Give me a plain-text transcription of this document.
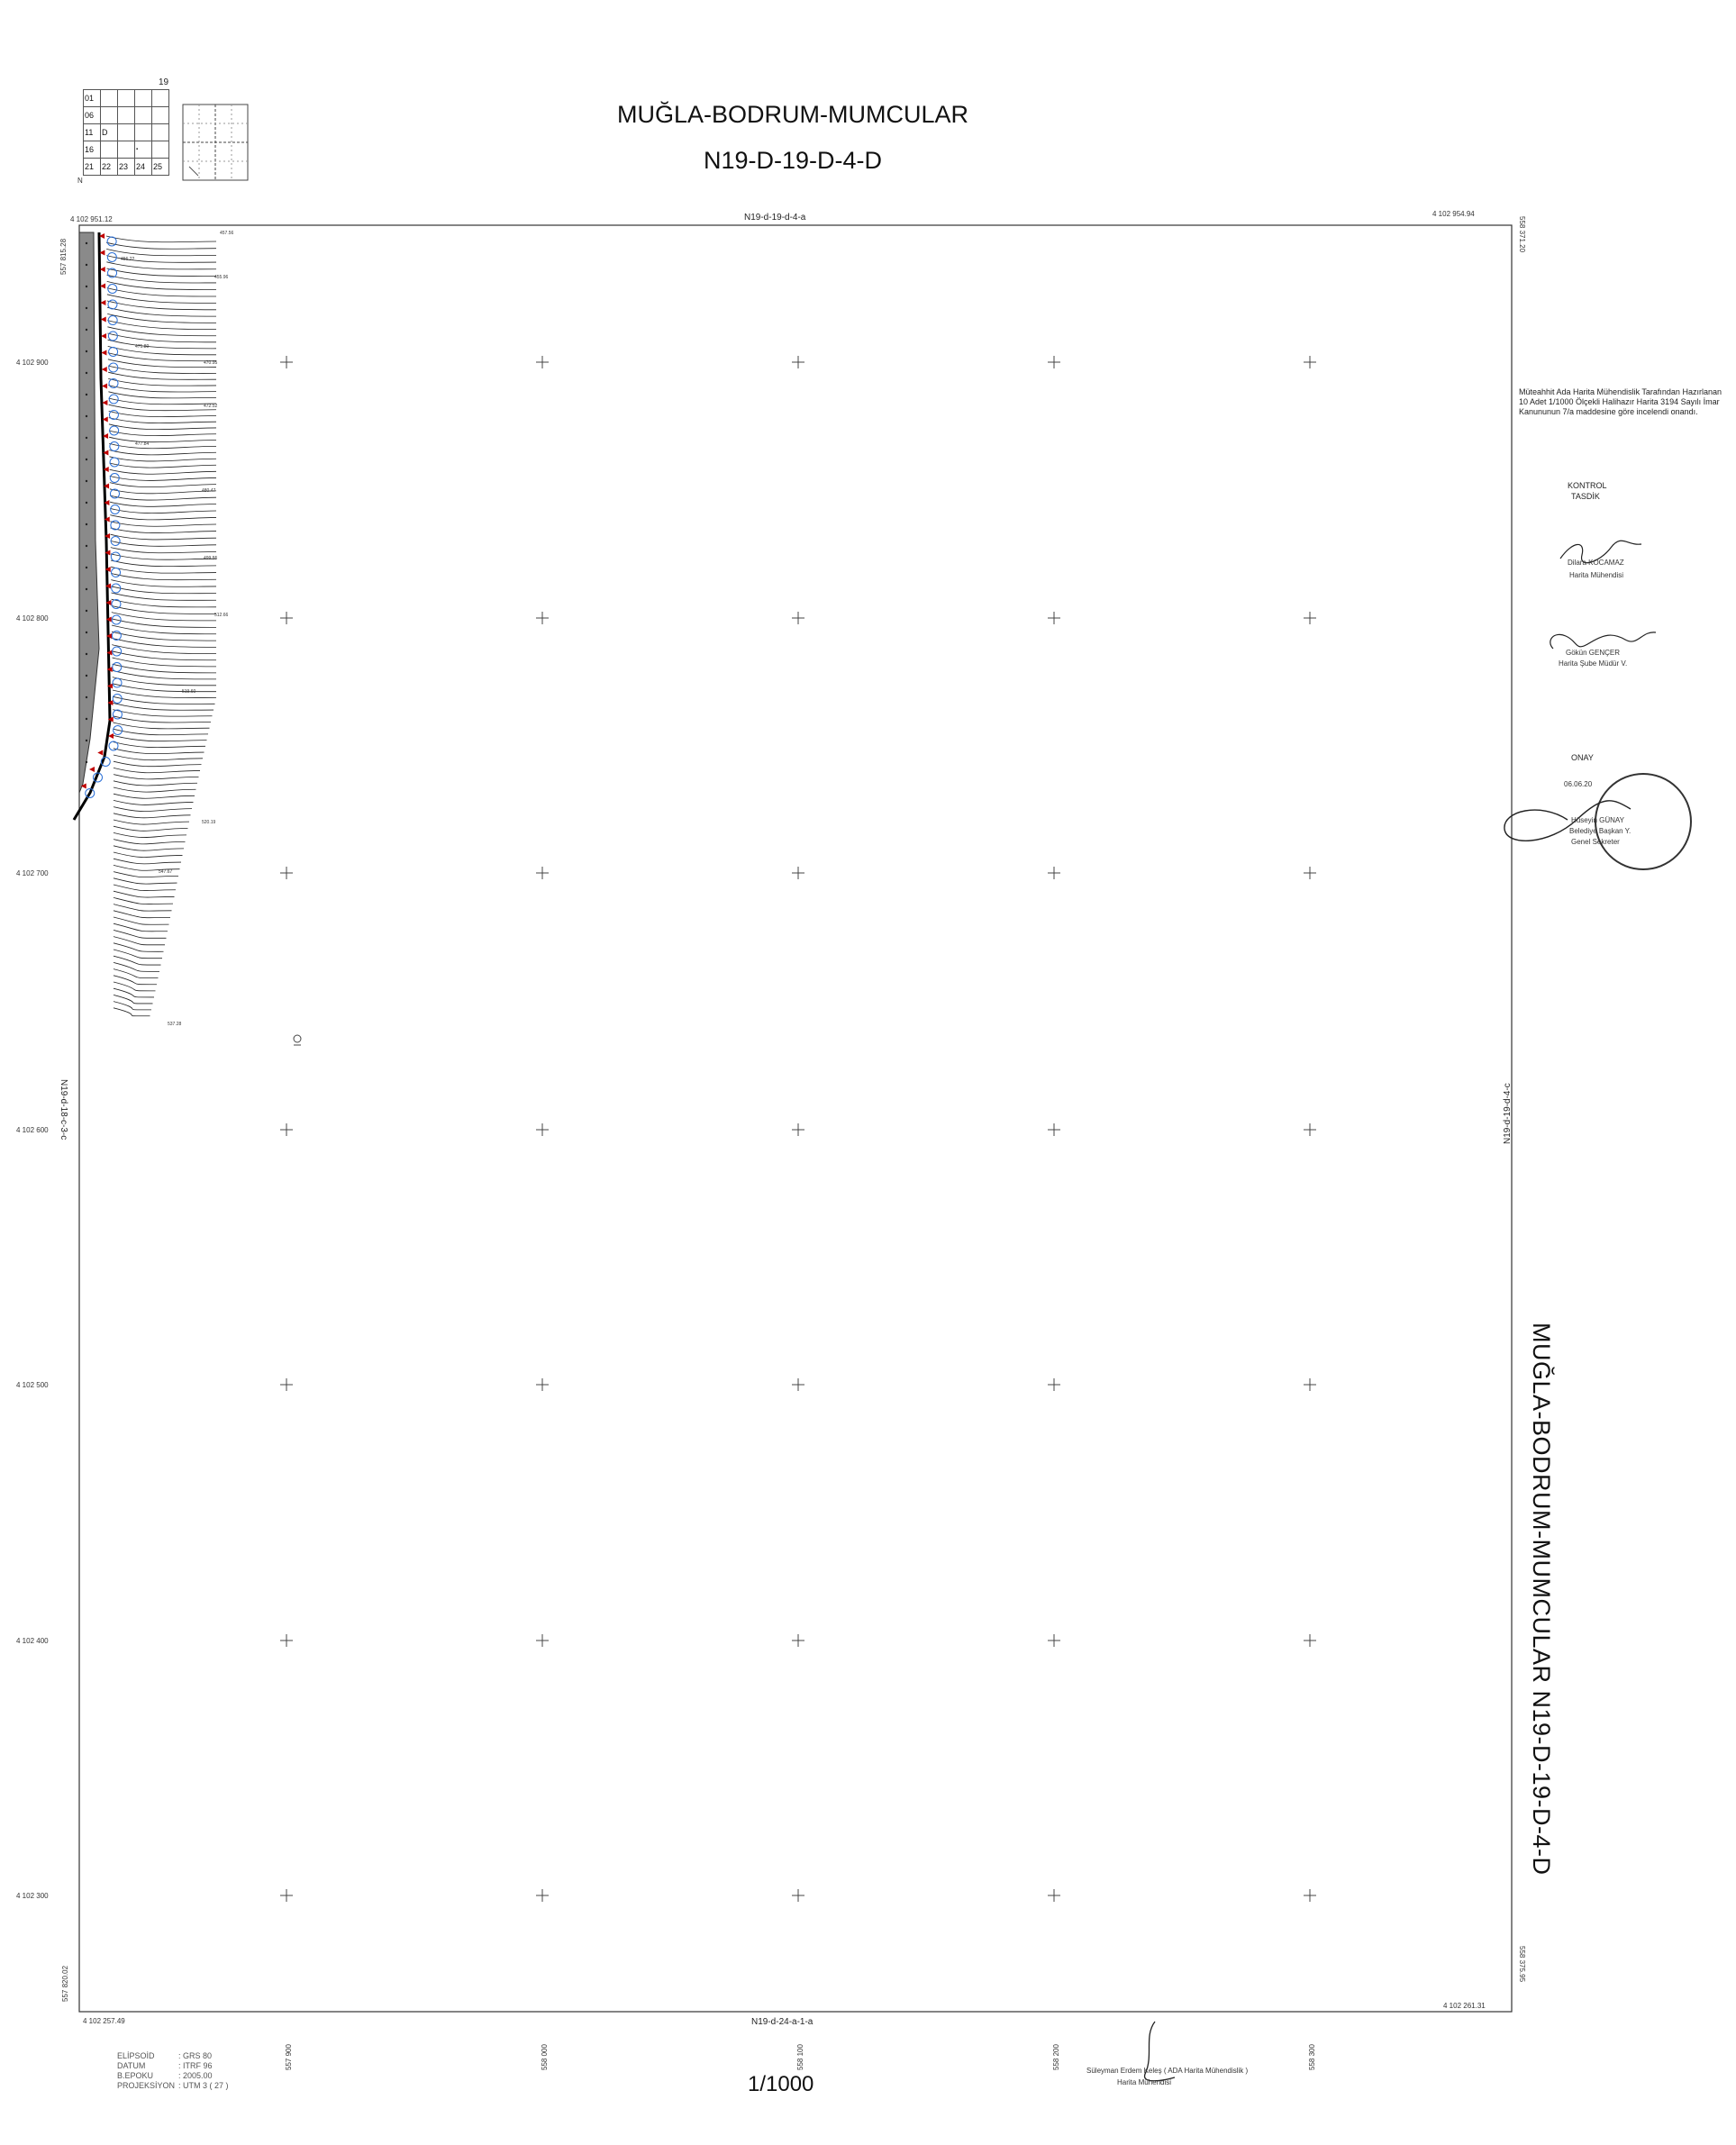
MUĞLA-BODRUM-MUMCULAR
N19-D-19-D-4-D
19
01				
06				
11	D			
16			▪	
21	22	23	24	25
N
4 102 951.12
4 102 954.94
4 102 257.49
4 102 261.31
557 815.28
558 371.20
557 820.02
558 375.95
N19-d-19-d-4-a
N19-d-24-a-1-a
N19-d-18-c-3-c	N19-d-19-d-4-c
4 102 900
4 102 800
4 102 700
4 102 600
4 102 500
4 102 400
4 102 300
557 900	558 000	558 100	558 200	558 300
457.56
456.22
455.96
471.80
470.95
472.52
477.84
480.47
499.55
512.66
519.60
520.19
547.67
537.28
Müteahhit Ada Harita Mühendislik Tarafından Hazırlanan 10 Adet 1/1000 Ölçekli Halihazır Harita 3194 Sayılı İmar Kanununun 7/a maddesine göre incelendi onandı.
KONTROL
TASDİK
Dilara KOCAMAZ
Harita Mühendisi
Gökün GENÇER
Harita Şube Müdür V.
ONAY
06.06.20
Hüseyin GÜNAY
Belediye Başkan Y.
Genel Sekreter
MUĞLA-BODRUM-MUMCULAR N19-D-19-D-4-D
ELİPSOİD	: GRS 80
DATUM	: ITRF 96
B.EPOKU	: 2005.00
PROJEKSİYON : UTM 3 ( 27 )	1/1000
Süleyman Erdem Keleş ( ADA Harita Mühendislik )
Harita Mühendisi
